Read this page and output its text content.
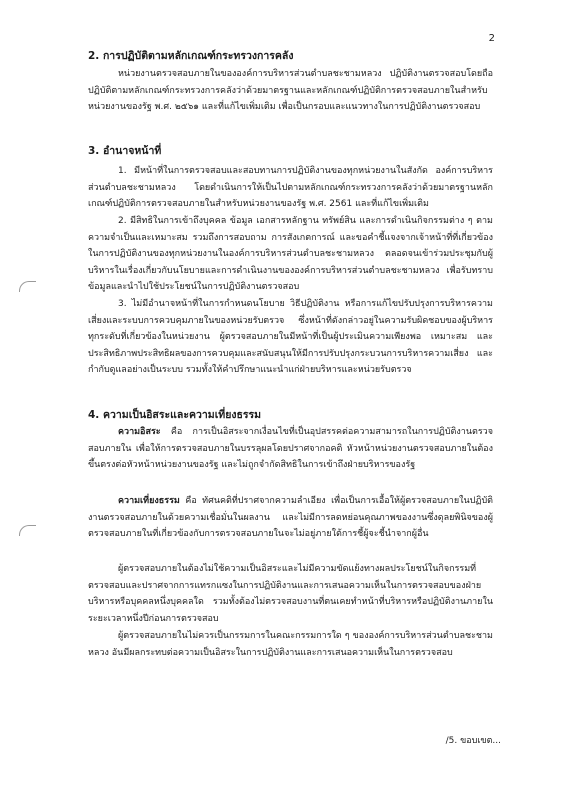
2
2. การปฏิบัติตามหลักเกณฑ์กระทรวงการคลัง

หน่วยงานตรวจสอบภายในขององค์การบริหารส่วนตำบลชะชามหลวง ปฏิบัติงานตรวจสอบโดยถือปฏิบัติตามหลักเกณฑ์กระทรวงการคลังว่าด้วยมาตรฐานและหลักเกณฑ์ปฏิบัติการตรวจสอบภายในสำหรับหน่วยงานของรัฐ พ.ศ. ๒๕๖๑ และที่แก้ไขเพิ่มเติม เพื่อเป็นกรอบและแนวทางในการปฏิบัติงานตรวจสอบ

3. อำนาจหน้าที่

1. มีหน้าที่ในการตรวจสอบและสอบทานการปฏิบัติงานของทุกหน่วยงานในสังกัด องค์การบริหารส่วนตำบลชะชามหลวง โดยดำเนินการให้เป็นไปตามหลักเกณฑ์กระทรวงการคลังว่าด้วยมาตรฐานหลักเกณฑ์ปฏิบัติการตรวจสอบภายในสำหรับหน่วยงานของรัฐ พ.ศ. 2561 และที่แก้ไขเพิ่มเติม

2. มีสิทธิในการเข้าถึงบุคคล ข้อมูล เอกสารหลักฐาน ทรัพย์สิน และการดำเนินกิจกรรมต่าง ๆ ตามความจำเป็นและเหมาะสม รวมถึงการสอบถาม การสังเกตการณ์ และขอคำชี้แจงจากเจ้าหน้าที่ที่เกี่ยวข้อง ในการปฏิบัติงานของทุกหน่วยงานในองค์การบริหารส่วนตำบลชะชามหลวง ตลอดจนเข้าร่วมประชุมกับผู้บริหารในเรื่องเกี่ยวกับนโยบายและการดำเนินงานขององค์การบริหารส่วนตำบลชะชามหลวง เพื่อรับทราบข้อมูลและนำไปใช้ประโยชน์ในการปฏิบัติงานตรวจสอบ

3. ไม่มีอำนาจหน้าที่ในการกำหนดนโยบาย วิธีปฏิบัติงาน หรือการแก้ไขปรับปรุงการบริหารความเสี่ยงและระบบการควบคุมภายในของหน่วยรับตรวจ ซึ่งหน้าที่ดังกล่าวอยู่ในความรับผิดชอบของผู้บริหารทุกระดับที่เกี่ยวข้องในหน่วยงาน ผู้ตรวจสอบภายในมีหน้าที่เป็นผู้ประเมินความเพียงพอ เหมาะสม และประสิทธิภาพประสิทธิผลของการควบคุมและสนับสนุนให้มีการปรับปรุงกระบวนการบริหารความเสี่ยง และกำกับดูแลอย่างเป็นระบบ รวมทั้งให้คำปรึกษาแนะนำแก่ฝ่ายบริหารและหน่วยรับตรวจ

4. ความเป็นอิสระและความเที่ยงธรรม

ความอิสระ คือ การเป็นอิสระจากเงื่อนไขที่เป็นอุปสรรคต่อความสามารถในการปฏิบัติงานตรวจสอบภายใน เพื่อให้การตรวจสอบภายในบรรลุผลโดยปราศจากอคติ หัวหน้าหน่วยงานตรวจสอบภายในต้องขึ้นตรงต่อหัวหน้าหน่วยงานของรัฐ และไม่ถูกจำกัดสิทธิในการเข้าถึงฝ่ายบริหารของรัฐ

ความเที่ยงธรรม คือ ทัศนคติที่ปราศจากความลำเอียง เพื่อเป็นการเอื้อให้ผู้ตรวจสอบภายในปฏิบัติงานตรวจสอบภายในด้วยความเชื่อมั่นในผลงาน และไม่มีการลดหย่อนคุณภาพของงานซึ่งดุลยพินิจของผู้ตรวจสอบภายในที่เกี่ยวข้องกับการตรวจสอบภายในจะไม่อยู่ภายใต้การชี้ผู้จะชี้นำจากผู้อื่น

ผู้ตรวจสอบภายในต้องไม่ใช้ความเป็นอิสระและไม่มีความขัดแย้งทางผลประโยชน์ในกิจกรรมที่ตรวจสอบและปราศจากการแทรกแซงในการปฏิบัติงานและการเสนอความเห็นในการตรวจสอบของฝ่ายบริหารหรือบุคคลหนึ่งบุคคลใด รวมทั้งต้องไม่ตรวจสอบงานที่ตนเคยทำหน้าที่บริหารหรือปฏิบัติงานภายในระยะเวลาหนึ่งปีก่อนการตรวจสอบ

ผู้ตรวจสอบภายในไม่ควรเป็นกรรมการในคณะกรรมการใด ๆ ขององค์การบริหารส่วนตำบลชะชามหลวง อันมีผลกระทบต่อความเป็นอิสระในการปฏิบัติงานและการเสนอความเห็นในการตรวจสอบ

/5. ขอบเขต...
